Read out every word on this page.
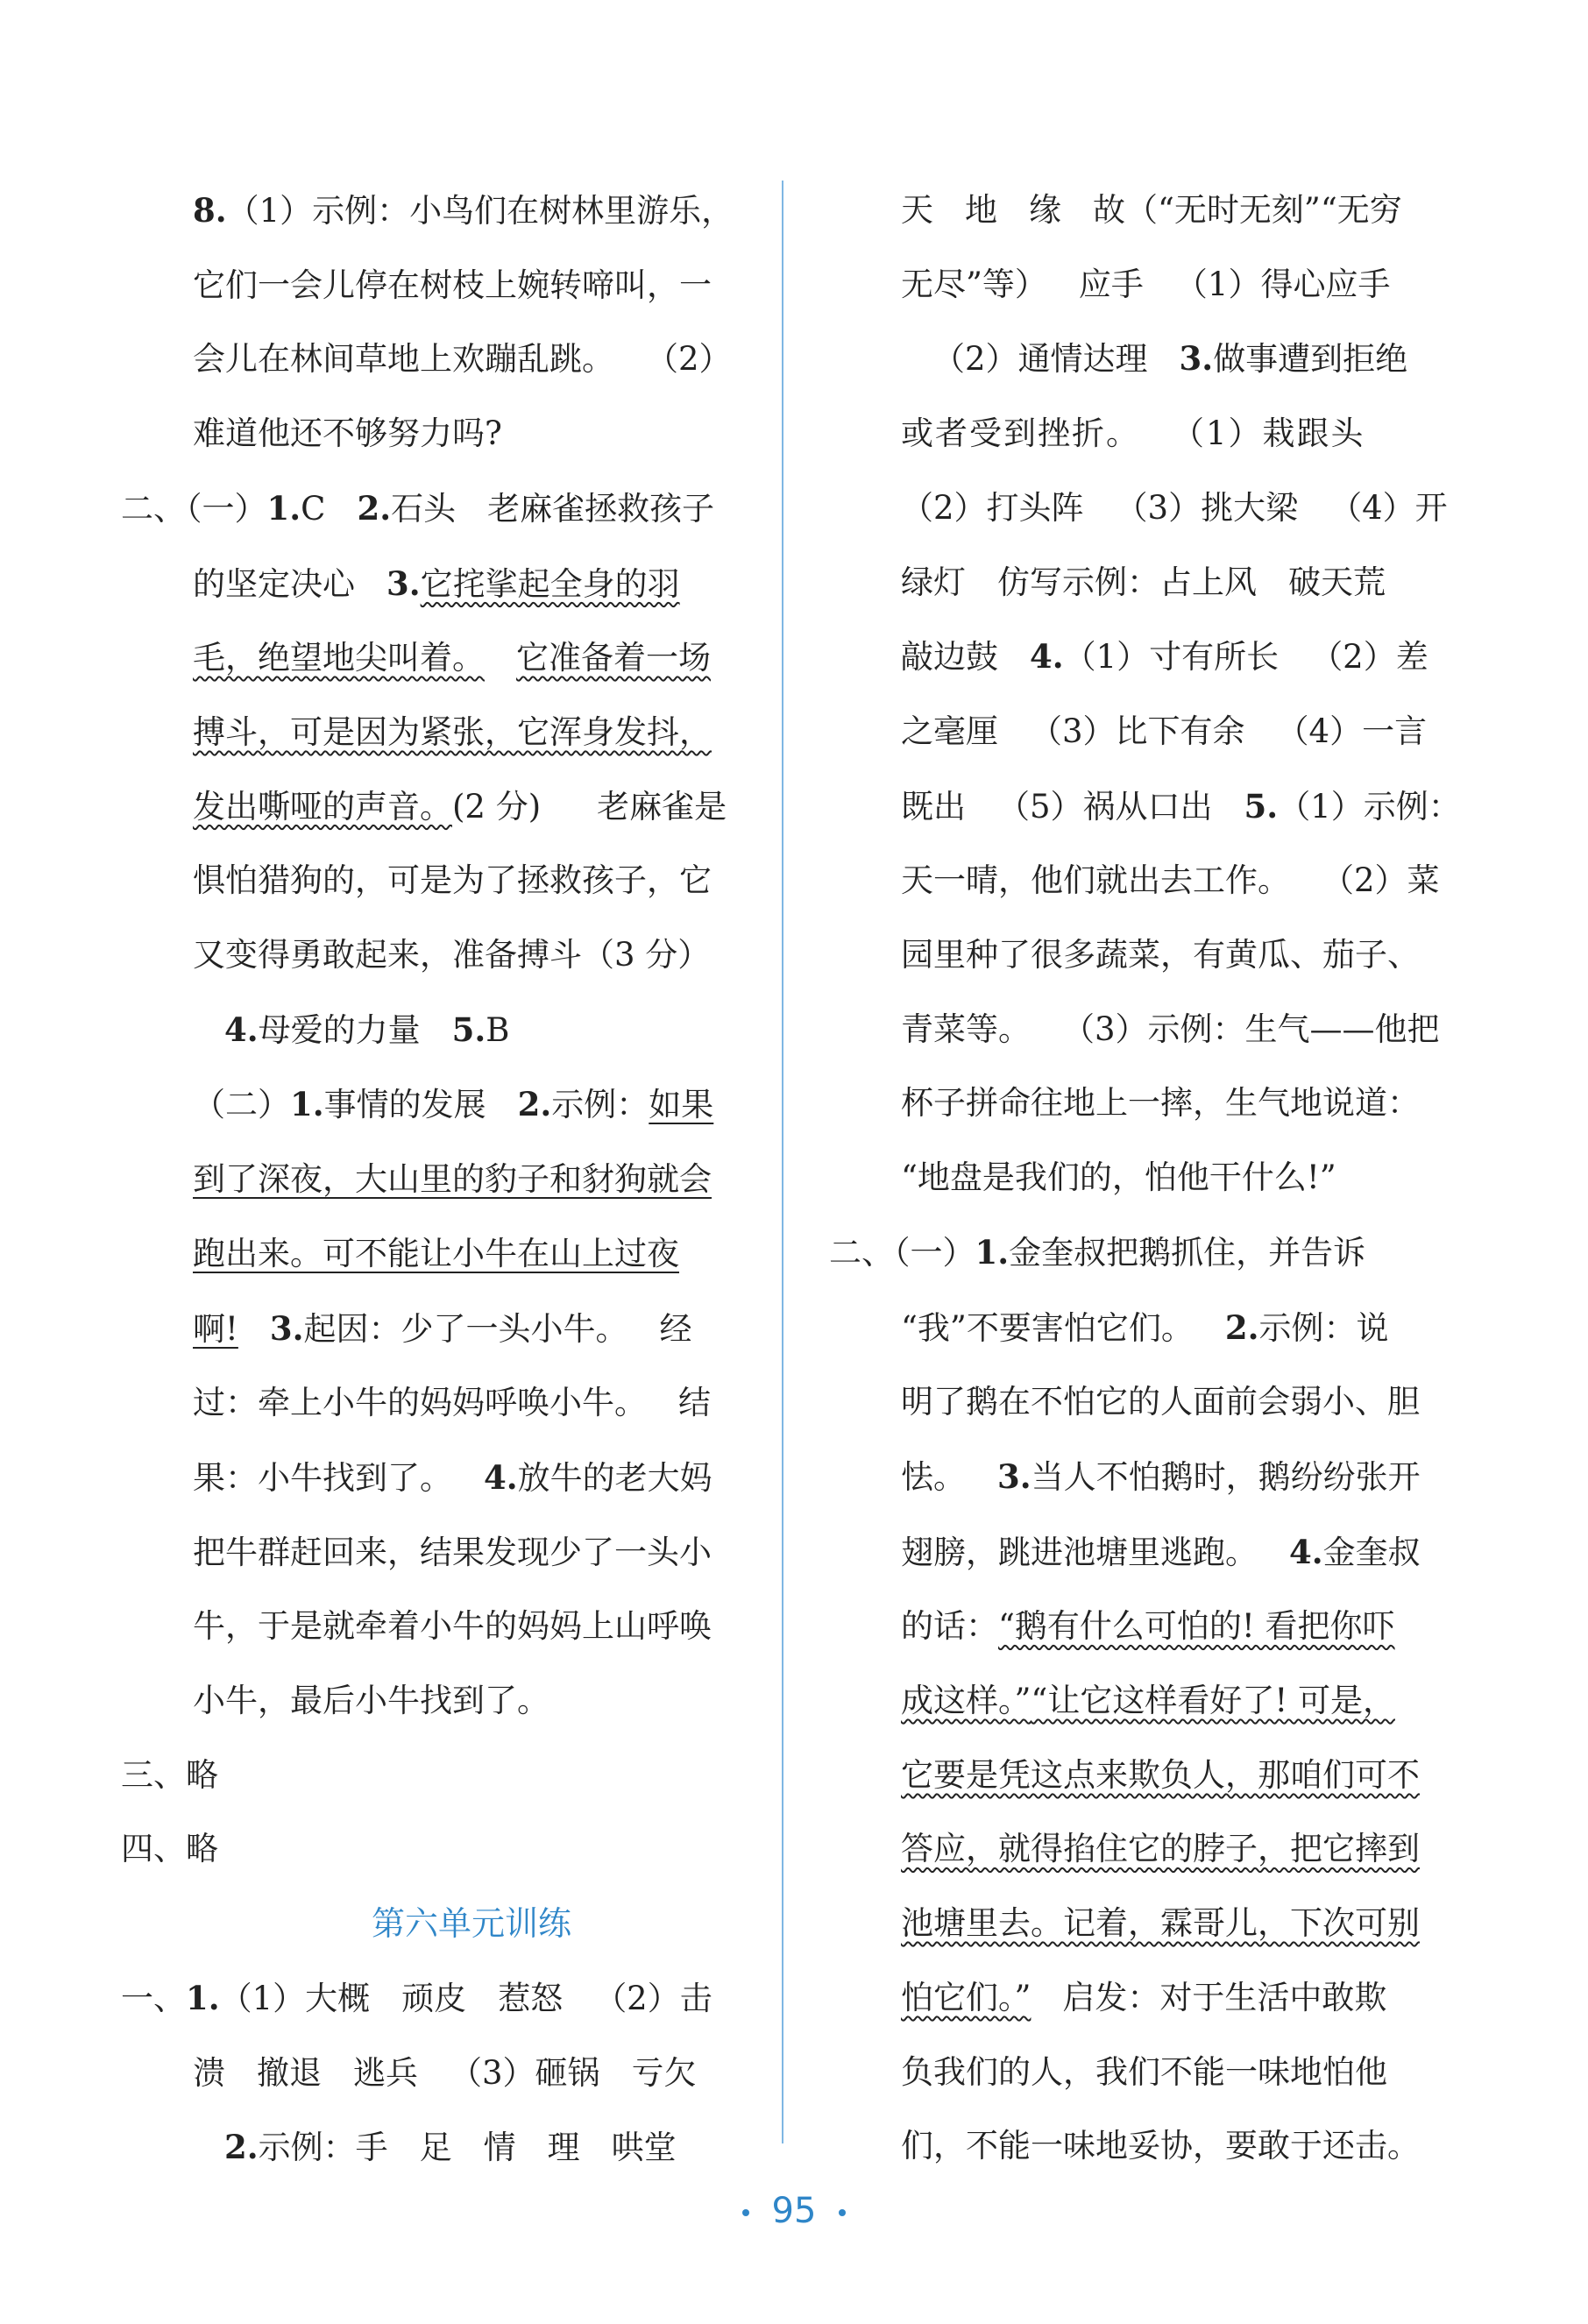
8.（1）示例：小鸟们在树林里游乐，

它们一会儿停在树枝上婉转啼叫，一

会儿在林间草地上欢蹦乱跳。 （2）

难道他还不够努力吗?

二、（一）1.C 2.石头 老麻雀拯救孩子

的坚定决心 3.它挓挲起全身的羽

毛，绝望地尖叫着。 它准备着一场

搏斗，可是因为紧张，它浑身发抖，

发出嘶哑的声音。(2 分) 老麻雀是

惧怕猎狗的，可是为了拯救孩子，它

又变得勇敢起来，准备搏斗（3 分）

4.母爱的力量 5.B

（二）1.事情的发展 2.示例：如果

到了深夜，大山里的豹子和豺狗就会

跑出来。可不能让小牛在山上过夜

啊! 3.起因：少了一头小牛。 经

过：牵上小牛的妈妈呼唤小牛。 结

果：小牛找到了。 4.放牛的老大妈

把牛群赶回来，结果发现少了一头小

牛，于是就牵着小牛的妈妈上山呼唤

小牛，最后小牛找到了。

三、略

四、略

第六单元训练

一、1.（1）大概 顽皮 惹怒 （2）击

溃 撤退 逃兵 （3）砸锅 亏欠

2.示例：手 足 情 理 哄堂

天 地 缘 故（“无时无刻”“无穷

无尽”等） 应手 （1）得心应手

（2）通情达理 3.做事遭到拒绝

或者受到挫折。 （1）栽跟头

（2）打头阵 （3）挑大梁 （4）开

绿灯 仿写示例：占上风 破天荒

敲边鼓 4.（1）寸有所长 （2）差

之毫厘 （3）比下有余 （4）一言

既出 （5）祸从口出 5.（1）示例：

天一晴，他们就出去工作。 （2）菜

园里种了很多蔬菜，有黄瓜、茄子、

青菜等。 （3）示例：生气——他把

杯子拼命往地上一摔，生气地说道：

“地盘是我们的，怕他干什么!”

二、（一）1.金奎叔把鹅抓住，并告诉

“我”不要害怕它们。 2.示例：说

明了鹅在不怕它的人面前会弱小、胆

怯。 3.当人不怕鹅时，鹅纷纷张开

翅膀，跳进池塘里逃跑。 4.金奎叔

的话：“鹅有什么可怕的! 看把你吓

成这样。”“让它这样看好了! 可是，

它要是凭这点来欺负人，那咱们可不

答应，就得掐住它的脖子，把它摔到

池塘里去。记着，霖哥儿，下次可别

怕它们。” 启发：对于生活中敢欺

负我们的人，我们不能一味地怕他

们，不能一味地妥协，要敢于还击。

95
